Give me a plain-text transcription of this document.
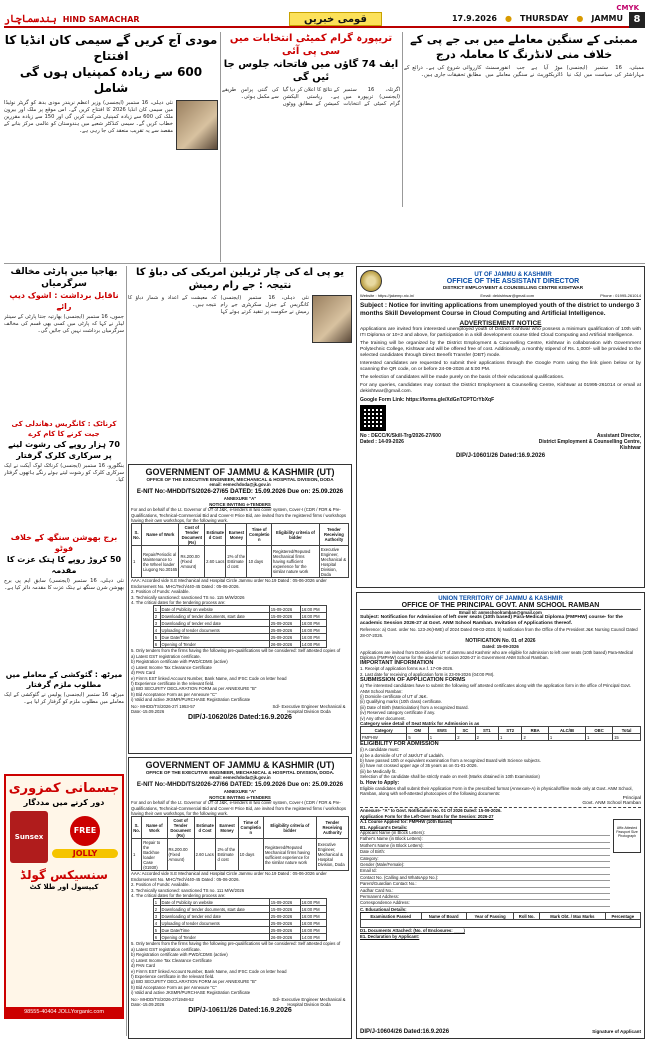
CMYK
ہندسماچار HIND SAMACHAR	قومی خبریں	17.9.2026 ● THURSDAY ● JAMMU	8
ممبئی کے سنگین معاملے میں بی جے پی کے خلاف منی لانڈرنگ کا معاملہ درج
ممبئی، 16 ستمبر (ایجنسی) مہاراشٹر کی سیاست میں ایک نیا موڑ آیا ہے جب انفورسمنٹ ڈائریکٹوریٹ نے سنگین معاملے میں کارروائی شروع کی ہے۔ ذرائع کے مطابق تحقیقات جاری ہیں۔
تریپورہ گرام کمیٹی انتخابات میں سی پی آئی
ایف 74 گاؤں میں فاتحانہ جلوس جا ئیں گی
اگرتلہ، 16 ستمبر (ایجنسی) تریپورہ میں گرام کمیٹی کے انتخابات کے نتائج کا اعلان کر دیا گیا ہے۔ ریاستی الیکشن کمیشن کے مطابق ووٹوں کی گنتی پرامن طریقے سے مکمل ہوئی۔
مودی آج کریں گے سیمی کان انڈیا کا افتتاح
600 سے زیادہ کمپنیاں ہوں گی شامل
نئی دہلی، 16 ستمبر (ایجنسی) وزیر اعظم نریندر مودی بدھ کو گریٹر نوئیڈا میں سیمی کان انڈیا 2026 کا افتتاح کریں گے۔ اس موقع پر ملک اور بیرون ملک کی 600 سے زیادہ کمپنیاں شرکت کریں گی اور 150 سے زیادہ مقررین خطاب کریں گے۔ سیمی کنڈکٹر شعبے میں ہندوستان کو عالمی مرکز بنانے کے مقصد سے یہ تقریب منعقد کی جا رہی ہے۔
بھاجپا میں پارٹی مخالف سرگرمیاں
ناقابل برداشت : اشوک دیپ رائے
جموں، 16 ستمبر (ایجنسی) بھارتیہ جنتا پارٹی کے سینئر لیڈر نے کہا کہ پارٹی میں کسی بھی قسم کی مخالف سرگرمیاں برداشت نہیں کی جائیں گی۔
یو پی اے کی چار ٹریلین امریکی کی دباؤ کا نتیجہ : جے رام رمیش
نئی دہلی، 16 ستمبر (ایجنسی) کانگریس کے جنرل سکریٹری جے رام رمیش نے حکومت پر تنقید کرتے ہوئے کہا کہ معیشت کے اعداد و شمار دباؤ کا نتیجہ ہیں۔
کرناٹک : کانگریس دھاندلی کی جیت کرنے کا کام کرے
70 ہزار روپے کی رشوت لینے پر سرکاری کلرک گرفتار
بنگلورو، 16 ستمبر (ایجنسی) کرناٹک لوک آیکت نے ایک سرکاری کلرک کو رشوت لیتے ہوئے رنگے ہاتھوں گرفتار کیا۔
برج بھوشن سنگھ کے خلاف فوٹو
50 کروڑ روپے کا ہتک عزت کا مقدمہ
نئی دہلی، 16 ستمبر (ایجنسی) سابق ایم پی برج بھوشن شرن سنگھ نے ہتک عزت کا مقدمہ دائر کیا ہے۔
میرٹھ : گئوکشی کے معاملے میں مطلوب ملزم گرفتار
میرٹھ، 16 ستمبر (ایجنسی) پولیس نے گئوکشی کے ایک معاملے میں مطلوب ملزم کو گرفتار کر لیا ہے۔
جسمانی کمزوری
دور کرنے میں مددگار
Sunsex
FREE
JOLLY
سنسیکس گولڈ
کیپسول اور طلا کٹ
98555-40404 JOLLYorganic.com
GOVERNMENT OF JAMMU & KASHMIR (UT)
OFFICE OF THE EXECUTIVE ENGINEER, MECHANICAL & HOSPITAL DIVISION, DODA
email: eemechdoda@jk.gov.in
E-NIT No:-MHDD/TS/2026-27/65 DATED: 15.09.2026 Due on: 25.09.2026
ANNEXURE "A"
NOTICE INVITING e-TENDERS
For and on behalf of the Lt. Governor of UT of J&K, e-tenders in two cover system, Cover-I (CDR / FDR & Pre-Qualifications, Technical-Commercial Bid and Cover-II Price Bid, are invited from the registered firms / workshops having their own workshops, for the following work.
S. No.	Name of Work	Cost of Tender Document (Rs)	Estimate d Cost	Earnest Money	Time of Completio n	Eligibility criteria of bidder	Tender Receiving Authority
1	Repair/Periodic al Maintenance to the Wheel loader Liugong No.30165	Rs.200.00 (Fixed Amount)	2.60 Lacs	2% of the Estimate d cost	10 days	Registered/Reputed Mechanical firms having sufficient experience for the similar nature work	Executive Engineer, Mechanical & Hospital Division, Doda
AAA: Accorded vide S.E Mechanical and Hospital Circle Jammu order No.19 Dated : 05-06-2026 under Endorsement No. MHC/Tech/440-45 Dated : 05-06-2026.
2. Position of Funds: Available.
3. Technically sanctioned: sanctioned TS no. 115 M/W/2026
4. The critical dates for the tendering process are:
1	Date of Publicity on website	15-09-2026	16:00 PM
2	Downloading of tender documents, start date	15-09-2026	16:00 PM
3	Downloading of tender end date	25-09-2026	16:00 PM
4	Uploading of tender documents	25-09-2026	16:00 PM
5	Due Date/Time	25-09-2026	16:00 PM
6	Opening of Tender	26-09-2026	14:00 PM
5. Only tenders from the firms having the following pre-qualifications will be considered: Self attested copies of
a) Latest GST registration certificate.
b) Registration certificate with PWD/CDMS (active)
c) Latest Income Tax Clearance Certificate
d) PAN Card
e) Firm's EST linked Account Number, Bank Name, and IFSC Code on letter head
f) Experience certificate in the relevant field.
g) BID SECURITY DECLARATION FORM as per ANNEXURE "B"
h) Bid Acceptance Form as per Annexure "C"
i) Valid and active JKSMR/PURCHASE Registration Certificate
No:- MHDD/TS/2026-27/ 1953-57
Date:-15.09.2026
Sd/- Executive Engineer Mechanical & Hospital Division Doda
DIP/J-10620/26 Dated:16.9.2026
GOVERNMENT OF JAMMU & KASHMIR (UT)
OFFICE OF THE EXECUTIVE ENGINEER, MECHANICAL & HOSPITAL DIVISION, DODA.
email: eemechdoda@jk.gov.in
E-NIT No:-MHDD/TS/2026-27/66 DATED: 15.09.2026 Due on: 25.09.2026
ANNEXURE "A"
NOTICE INVITING e-TENDERS
For and on behalf of the Lt. Governor of UT of J&K, e-tenders in two cover system, Cover-I (CDR / FDR & Pre-Qualifications, Technical-Commercial Bid and Cover-II Price Bid, are invited from the registered firms / workshops having their own workshops, for the following work.
S. No.	Name of Work	Cost of Tender Document (Rs)	Estimate d Cost	Earnest Money	Time of Completio n	Eligibility criteria of bidder	Tender Receiving Authority
1	Repair to the Backhoe loader Case (01930)	Rs.200.00 (Fixed Amount)	2.60 Lacs	2% of the Estimate d cost	10 days	Registered/Reputed Mechanical firms having sufficient experience for the similar nature work	Executive Engineer, Mechanical & Hospital Division, Doda
AAA: Accorded vide S.E Mechanical and Hospital Circle Jammu order No.19 Dated : 05-06-2026 under Endorsement No. MHC/Tech/440-45 Dated : 05-06-2026.
2. Position of Funds: Available.
3. Technically sanctioned: sanctioned TS no. 111 M/W/2026
4. The critical dates for the tendering process are:
1	Date of Publicity on website	15-09-2026	16:00 PM
2	Downloading of tender documents, start date	15-09-2026	16:00 PM
3	Downloading of tender end date	25-09-2026	16:00 PM
4	Uploading of tender documents	25-09-2026	16:00 PM
5	Due Date/Time	25-09-2026	16:00 PM
6	Opening of Tender	26-09-2026	14:00 PM
5. Only tenders from the firms having the following pre-qualifications will be considered: Self attested copies of
a) Latest GST registration certificate.
b) Registration certificate with PWD/CDMS (active)
c) Latest Income Tax Clearance Certificate
d) PAN Card
e) Firm's EST linked Account Number, Bank Name, and IFSC Code on letter head
f) Experience certificate in the relevant field.
g) BID SECURITY DECLARATION FORM as per ANNEXURE "B"
h) Bid Acceptance Form as per Annexure "C"
i) Valid and active JKSMR/PURCHASE Registration Certificate
No:- MHDD/TS/2026-27/1948-52
Date:-15.09.2026
Sd/- Executive Engineer Mechanical & Hospital Division Doda
DIP/J-10611/26 Dated:16.9.2026
UT OF JAMMU & KASHMIR
OFFICE OF THE ASSISTANT DIRECTOR
DISTRICT EMPLOYMENT & COUNSELLING CENTRE KISHTWAR
Website : https://jakemp.nic.in/	Email: dekishtwar@gmail.com	Phone : 01995-261014
Subject : Notice for inviting applications from unemployed youth of the district to undergo 3 months Skill Development Course in Cloud Computing and Artificial Intelligence.
ADVERTISEMENT NOTICE

Applications are invited from interested unemployed youth of District Kishtwar who possess a minimum qualification of 10th with ITI Diploma or 10+2 and above, for participation in a skill development course titled Cloud Computing and Artificial Intelligence.

The training will be organized by the District Employment & Counselling Centre, Kishtwar in collaboration with Government Polytechnic College, Kishtwar and will be offered free of cost. Additionally, a monthly stipend of Rs. 1,000/- will be provided to the selected candidates through Direct Benefit Transfer (DBT) mode.

Interested candidates are requested to submit their applications through the Google Form using the link given below or by scanning the QR code, on or before 24-09-2026 at 5:00 PM.

The selection of candidates will be made purely on the basis of their educational qualifications.

For any queries, candidates may contact the District Employment & Counselling Centre, Kishtwar at 01995-261014 or email at dekishtwar@gmail.com.

Google Form Link: https://forms.gle/XdGnTCPTCrYbXqF
No : DECC/K/Skill-Trg/2026-27/600
Dated : 14-09-2026
Assistant Director,
District Employment & Counselling Centre,
Kishtwar
DIP/J-10601/26 Dated:16.9.2026
UNION TERRITORY OF JAMMU & KASHMIR
OFFICE OF THE PRINCIPAL GOVT. ANM SCHOOL RAMBAN
Email Id: anmschoolramban@gmail.com
Subject: Notification for Admission of left over seats (10th based) Para-Medical Diploma (FMPHW) course- for the academic Session 2026-27 at Govt. ANM School Ramban. Invitation of Applications thereof.
Reference: a) Govt. order No. 123-JK(HME) of 2024 Dated 08-03-2024. b) Notification from the Office of the President J&K Nursing Council Dated 28-07-2026.
NOTIFICATION No. 01 of 2026
Dated: 15-09-2026
Applications are invited from Domiciles of UT of Jammu and Kashmir who are eligible for admission to left over seats (10th based) Para-Medical Diploma (FMPHW) course for the academic session 2026-27 in Government ANM School Ramban.
IMPORTANT INFORMATION
1. Receipt of application forms w.e.f. 17-09-2026.
2. Last date for receiving of application form is 23-09-2026 (04:00 PM).
SUBMISSION OF APPLICATION FORMS
a) The interested candidates have to submit the following self attested certificates along with the application form in the office of Principal Govt. ANM School Ramban:
(i) Domicile certificate of UT of J&K.
(ii) Qualifying marks (10th class) certificate.
(iii) Date of Birth (Matriculation) from a recognized Board.
(iv) Reserved category certificate if any.
(v) Any other document.
Category wise detail of Seat Matrix for Admission is as
Category	OM	EWS	SC	ST1	ST2	RBA	ALC/IB	OBC	Total
FMPHW	5	1	2	2	1	2	1	1	15
ELIGIBILITY FOR ADMISSION
(i) A candidate must:
a) be a domicile of UT of J&K/UT of Ladakh.
b) have passed 10th or equivalent examination from a recognized Board with Science subjects.
(ii) have not crossed upper age of 35 years as on 01-01-2026.
(iii) be Medically fit.
Selection of the candidate shall be strictly made on merit (Marks obtained in 10th Examination)
b. How to Apply:
Eligible candidates shall submit their Application Form in the prescribed format (Annexure-A) in physical/offline mode only at Govt. ANM School, Ramban, along with self-attested photocopies of the following documents:
Principal
Govt. ANM School Ramban
Annexure- "A" to Govt. Notification No. 01 Of 2026 Dated: 15-09-2026.
Application Form for the Left-Over Seats for the Session: 2026-27
A.1 Course Applied for: FMPHW (10th Based)
B1. Applicant's Details:
Applicant Name (in Block Letters):
Father's Name (in Block Letters):
Mother's Name (in Block Letters):
Date of Birth:
Category:
Gender (Male/Female):
Email Id:
Contact No. (Calling and WhatsApp No.):
Parent/Guardian Contact No.:
Aadhar Card No.:
Permanent Address:
Correspondence Address:
Affix Attested Passport Size Photograph
C. Educational Details:
Examination Passed	Name of Board	Year of Passing	Roll No.	Mark Obt. / Max Marks	Percentage

D1. Documents Attached: (No. of Enclosures: ____)
E1. Declaration by Applicant:
DIP/J-10604/26 Dated:16.9.2026	Signature of Applicant
